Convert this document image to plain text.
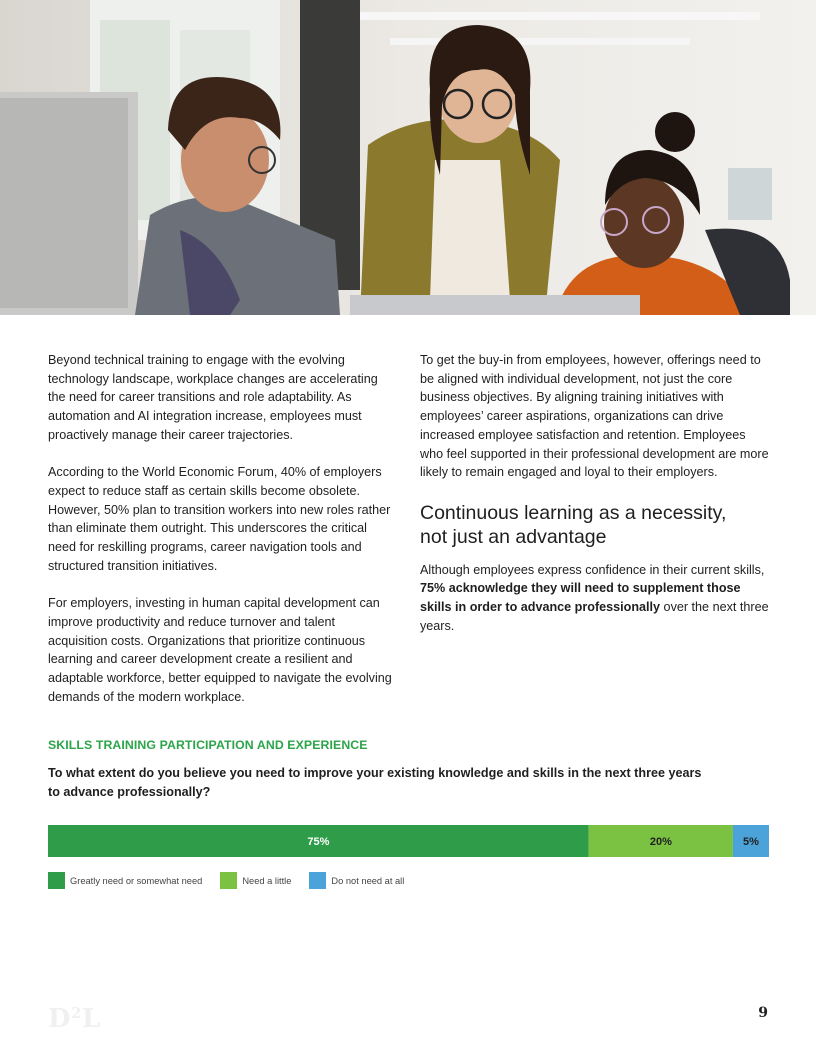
Beyond technical training to engage with the evolving technology landscape, workplace changes are accelerating the need for career transitions and role adaptability. As automation and AI integration increase, employees must proactively manage their career trajectories.

According to the World Economic Forum, 40% of employers expect to reduce staff as certain skills become obsolete. However, 50% plan to transition workers into new roles rather than eliminate them outright. This underscores the critical need for reskilling programs, career navigation tools and structured transition initiatives.

For employers, investing in human capital development can improve productivity and reduce turnover and talent acquisition costs. Organizations that prioritize continuous learning and career development create a resilient and adaptable workforce, better equipped to navigate the evolving demands of the modern workplace.

To get the buy-in from employees, however, offerings need to be aligned with individual development, not just the core business objectives. By aligning training initiatives with employees’ career aspirations, organizations can drive increased employee satisfaction and retention. Employees who feel supported in their professional development are more likely to remain engaged and loyal to their employers.

Continuous learning as a necessity,
not just an advantage

Although employees express confidence in their current skills, 75% acknowledge they will need to supplement those skills in order to advance professionally over the next three years.

SKILLS TRAINING PARTICIPATION AND EXPERIENCE
To what extent do you believe you need to improve your existing knowledge and skills in the next three years
to advance professionally?
75%	20%	5%
Greatly need or somewhat need	Need a little	Do not need at all
$D^2L$	9
